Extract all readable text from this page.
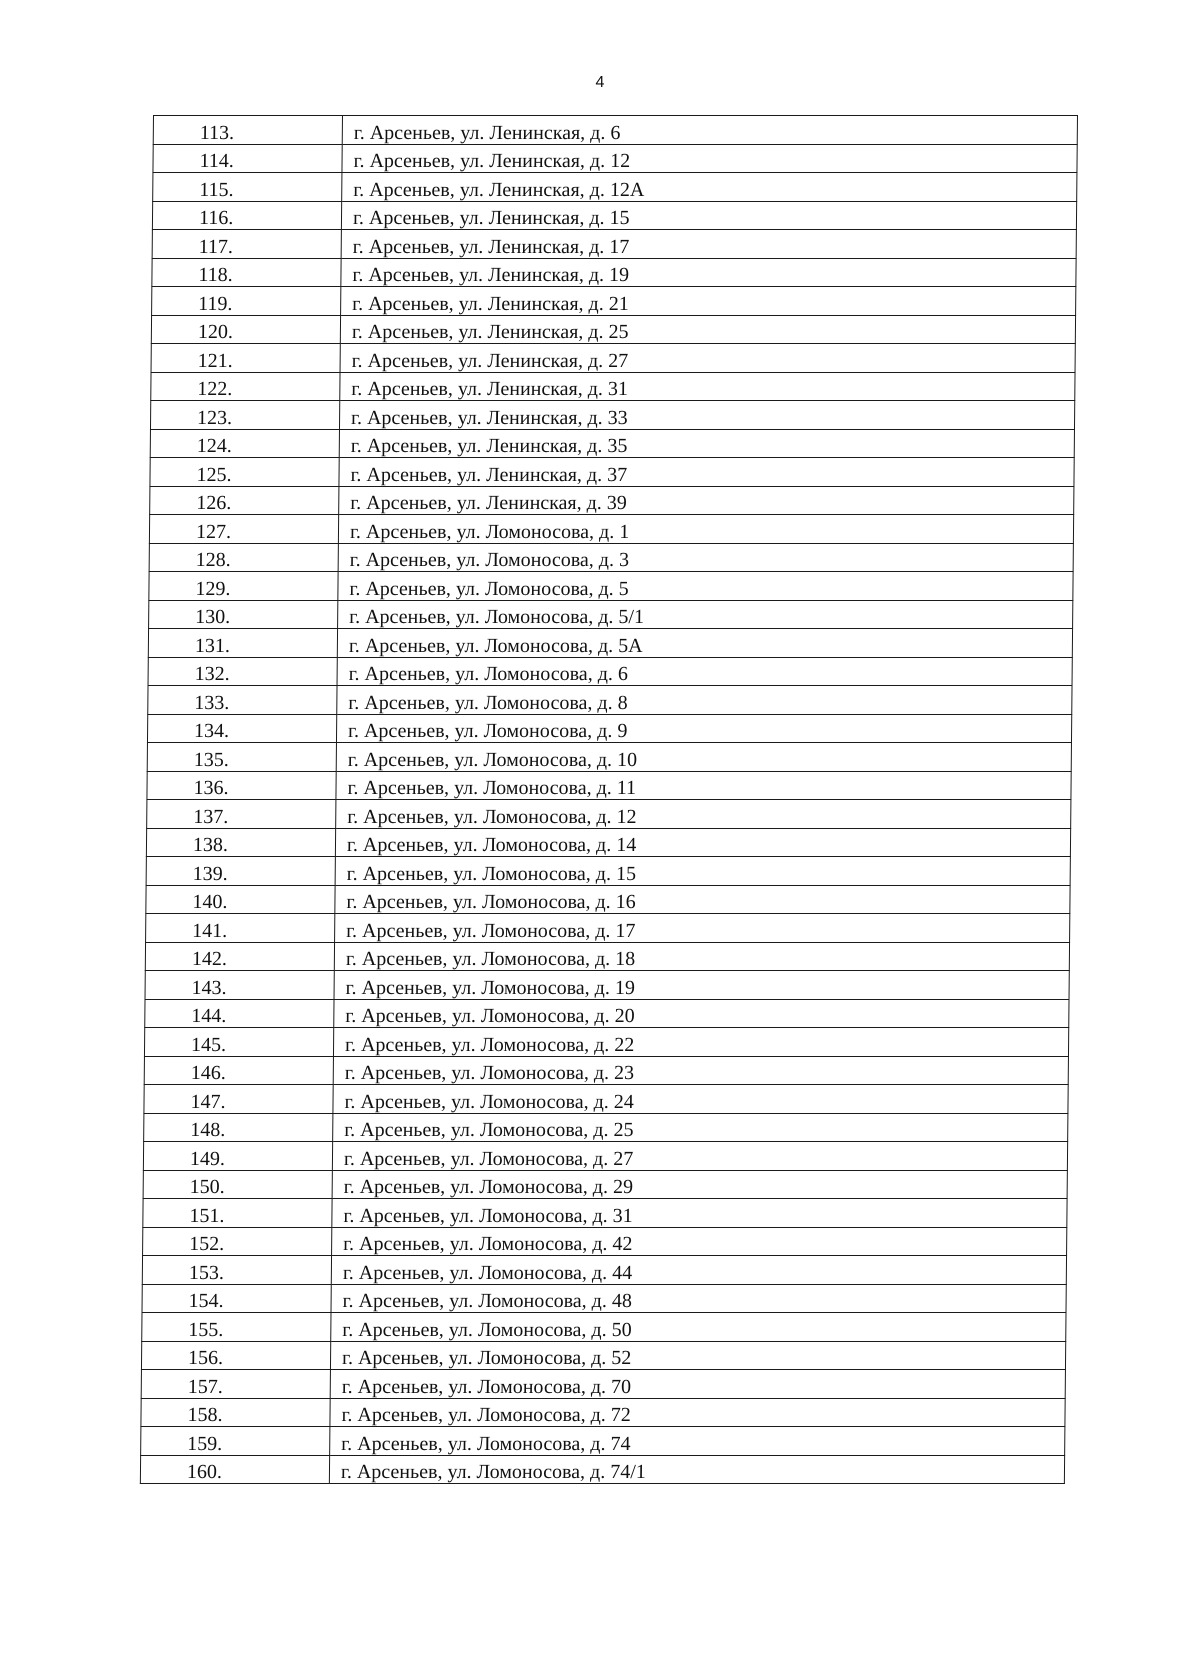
4
113.	г. Арсеньев, ул. Ленинская, д. 6
114.	г. Арсеньев, ул. Ленинская, д. 12
115.	г. Арсеньев, ул. Ленинская, д. 12А
116.	г. Арсеньев, ул. Ленинская, д. 15
117.	г. Арсеньев, ул. Ленинская, д. 17
118.	г. Арсеньев, ул. Ленинская, д. 19
119.	г. Арсеньев, ул. Ленинская, д. 21
120.	г. Арсеньев, ул. Ленинская, д. 25
121.	г. Арсеньев, ул. Ленинская, д. 27
122.	г. Арсеньев, ул. Ленинская, д. 31
123.	г. Арсеньев, ул. Ленинская, д. 33
124.	г. Арсеньев, ул. Ленинская, д. 35
125.	г. Арсеньев, ул. Ленинская, д. 37
126.	г. Арсеньев, ул. Ленинская, д. 39
127.	г. Арсеньев, ул. Ломоносова, д. 1
128.	г. Арсеньев, ул. Ломоносова, д. 3
129.	г. Арсеньев, ул. Ломоносова, д. 5
130.	г. Арсеньев, ул. Ломоносова, д. 5/1
131.	г. Арсеньев, ул. Ломоносова, д. 5А
132.	г. Арсеньев, ул. Ломоносова, д. 6
133.	г. Арсеньев, ул. Ломоносова, д. 8
134.	г. Арсеньев, ул. Ломоносова, д. 9
135.	г. Арсеньев, ул. Ломоносова, д. 10
136.	г. Арсеньев, ул. Ломоносова, д. 11
137.	г. Арсеньев, ул. Ломоносова, д. 12
138.	г. Арсеньев, ул. Ломоносова, д. 14
139.	г. Арсеньев, ул. Ломоносова, д. 15
140.	г. Арсеньев, ул. Ломоносова, д. 16
141.	г. Арсеньев, ул. Ломоносова, д. 17
142.	г. Арсеньев, ул. Ломоносова, д. 18
143.	г. Арсеньев, ул. Ломоносова, д. 19
144.	г. Арсеньев, ул. Ломоносова, д. 20
145.	г. Арсеньев, ул. Ломоносова, д. 22
146.	г. Арсеньев, ул. Ломоносова, д. 23
147.	г. Арсеньев, ул. Ломоносова, д. 24
148.	г. Арсеньев, ул. Ломоносова, д. 25
149.	г. Арсеньев, ул. Ломоносова, д. 27
150.	г. Арсеньев, ул. Ломоносова, д. 29
151.	г. Арсеньев, ул. Ломоносова, д. 31
152.	г. Арсеньев, ул. Ломоносова, д. 42
153.	г. Арсеньев, ул. Ломоносова, д. 44
154.	г. Арсеньев, ул. Ломоносова, д. 48
155.	г. Арсеньев, ул. Ломоносова, д. 50
156.	г. Арсеньев, ул. Ломоносова, д. 52
157.	г. Арсеньев, ул. Ломоносова, д. 70
158.	г. Арсеньев, ул. Ломоносова, д. 72
159.	г. Арсеньев, ул. Ломоносова, д. 74
160.	г. Арсеньев, ул. Ломоносова, д. 74/1
